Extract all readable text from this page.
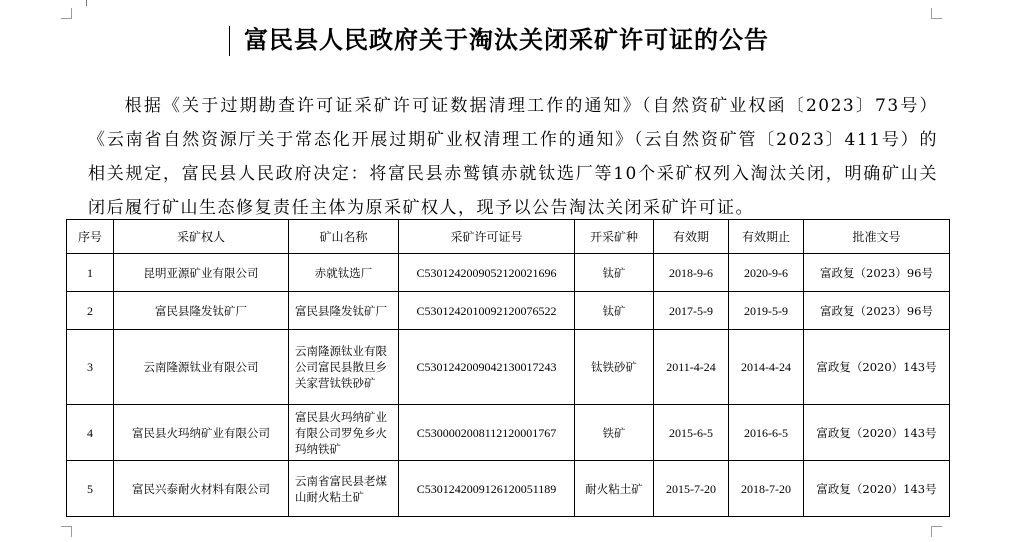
富民县人民政府关于淘汰关闭采矿许可证的公告
根据《关于过期勘查许可证采矿许可证数据清理工作的通知》（自然资矿业权函〔2023〕73号）《云南省自然资源厅关于常态化开展过期矿业权清理工作的通知》（云自然资矿管〔2023〕411号）的相关规定，富民县人民政府决定：将富民县赤鹫镇赤就钛选厂等10个采矿权列入淘汰关闭，明确矿山关闭后履行矿山生态修复责任主体为原采矿权人，现予以公告淘汰关闭采矿许可证。
序号	采矿权人	矿山名称	采矿许可证号	开采矿种	有效期	有效期止	批准文号
1	昆明亚源矿业有限公司	赤就钛选厂	C5301242009052120021696	钛矿	2018-9-6	2020-9-6	富政复（2023）96号
2	富民县隆发钛矿厂	富民县隆发钛矿厂	C5301242010092120076522	钛矿	2017-5-9	2019-5-9	富政复（2023）96号
3	云南隆源钛业有限公司	云南隆源钛业有限公司富民县散旦乡关家营钛铁砂矿	C5301242009042130017243	钛铁砂矿	2011-4-24	2014-4-24	富政复（2020）143号
4	富民县火玛纳矿业有限公司	富民县火玛纳矿业有限公司罗免乡火玛纳铁矿	C5300002008112120001767	铁矿	2015-6-5	2016-6-5	富政复（2020）143号
5	富民兴泰耐火材料有限公司	云南省富民县老煤山耐火粘土矿	C5301242009126120051189	耐火粘土矿	2015-7-20	2018-7-20	富政复（2020）143号
